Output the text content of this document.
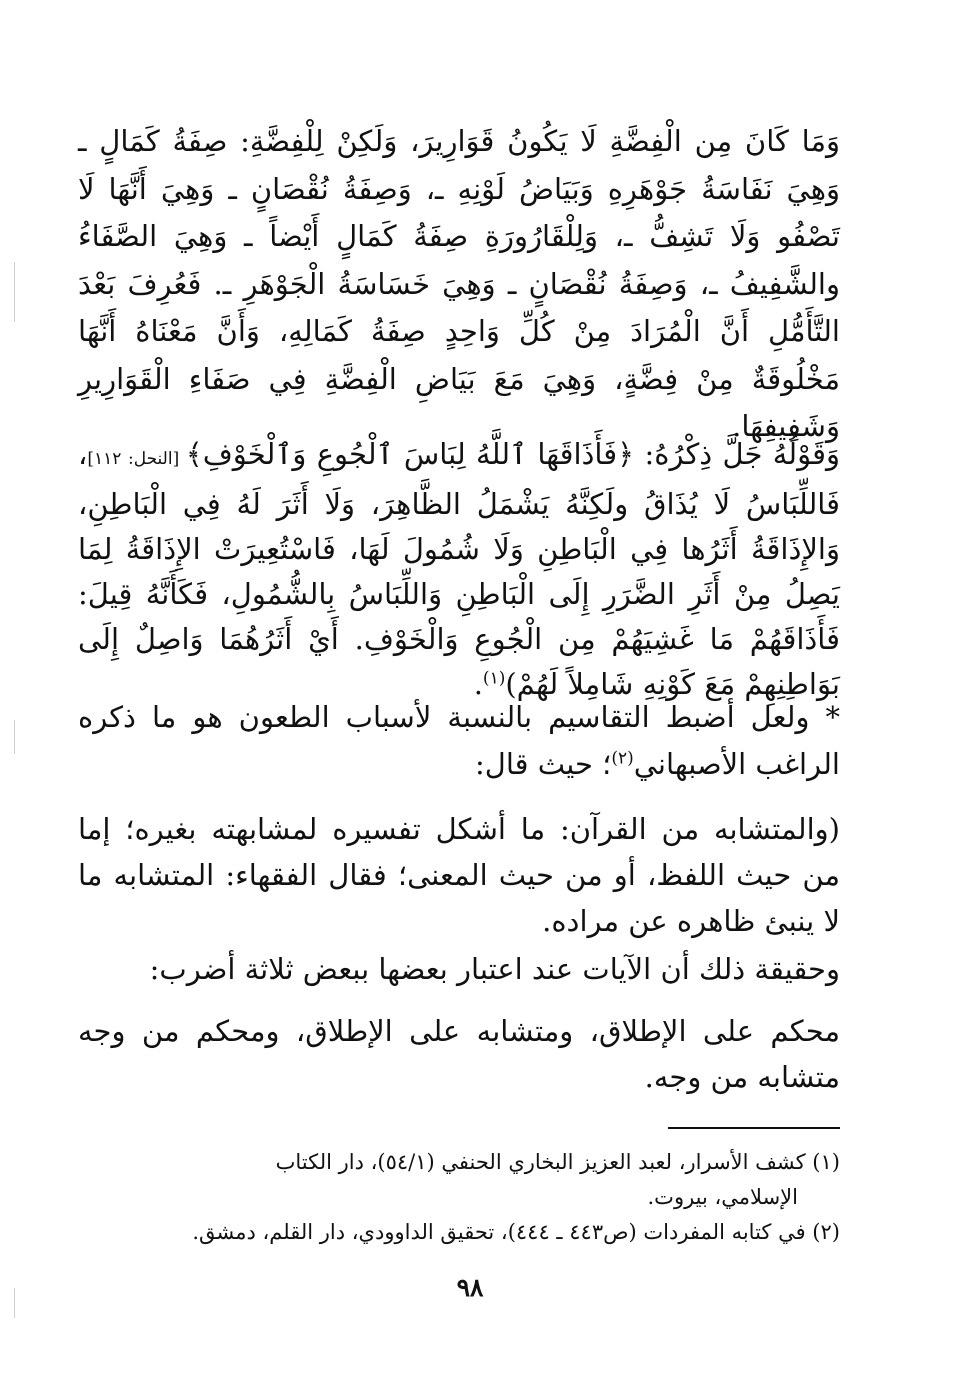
وَمَا كَانَ مِن الْفِضَّةِ لَا يَكُونُ قَوَارِيرَ، وَلَكِنْ لِلْفِضَّةِ: صِفَةُ كَمَالٍ ـ وَهِيَ نَفَاسَةُ جَوْهَرِهِ وَبَيَاضُ لَوْنِهِ ـ، وَصِفَةُ نُقْصَانٍ ـ وَهِيَ أَنَّهَا لَا تَصْفُو وَلَا تَشِفُّ ـ، وَلِلْقَارُورَةِ صِفَةُ كَمَالٍ أَيْضاً ـ وَهِيَ الصَّفَاءُ والشَّفِيفُ ـ، وَصِفَةُ نُقْصَانٍ ـ وَهِيَ خَسَاسَةُ الْجَوْهَرِ ـ. فَعُرِفَ بَعْدَ التَّأَمُّلِ أَنَّ الْمُرَادَ مِنْ كُلِّ وَاحِدٍ صِفَةُ كَمَالِهِ، وَأَنَّ مَعْنَاهُ أَنَّهَا مَخْلُوقَةٌ مِنْ فِضَّةٍ، وَهِيَ مَعَ بَيَاضِ الْفِضَّةِ فِي صَفَاءِ الْقَوَارِيرِ وَشَفِيفِهَا.

وَقَوْلُهُ جَلَّ ذِكْرُهُ: ﴿فَأَذَاقَهَا ٱللَّهُ لِبَاسَ ٱلْجُوعِ وَٱلْخَوْفِ﴾ [النحل: ١١٢]، فَاللِّبَاسُ لَا يُذَاقُ ولَكِنَّهُ يَشْمَلُ الظَّاهِرَ، وَلَا أَثَرَ لَهُ فِي الْبَاطِنِ، وَالإِذَاقَةُ أَثَرُها فِي الْبَاطِنِ وَلَا شُمُولَ لَهَا، فَاسْتُعِيرَتْ الإِذَاقَةُ لِمَا يَصِلُ مِنْ أَثَرِ الضَّرَرِ إِلَى الْبَاطِنِ وَاللِّبَاسُ بِالشُّمُولِ، فَكَأَنَّهُ قِيلَ: فَأَذَاقَهُمْ مَا غَشِيَهُمْ مِن الْجُوعِ وَالْخَوْفِ. أَيْ أَثَرُهُمَا وَاصِلٌ إِلَى بَوَاطِنِهِمْ مَعَ كَوْنِهِ شَامِلاً لَهُمْ)$^{(١)}$.

* ولعل أضبط التقاسيم بالنسبة لأسباب الطعون هو ما ذكره الراغب الأصبهاني$^{(٢)}$؛ حيث قال:

(والمتشابه من القرآن: ما أشكل تفسيره لمشابهته بغيره؛ إما من حيث اللفظ، أو من حيث المعنى؛ فقال الفقهاء: المتشابه ما لا ينبئ ظاهره عن مراده.

وحقيقة ذلك أن الآيات عند اعتبار بعضها ببعض ثلاثة أضرب:

محكم على الإطلاق، ومتشابه على الإطلاق، ومحكم من وجه متشابه من وجه.

(١) كشف الأسرار، لعبد العزيز البخاري الحنفي (٥٤/١)، دار الكتاب
الإسلامي، بيروت.
(٢) في كتابه المفردات (ص٤٤٣ ـ ٤٤٤)، تحقيق الداوودي، دار القلم، دمشق.
٩٨
